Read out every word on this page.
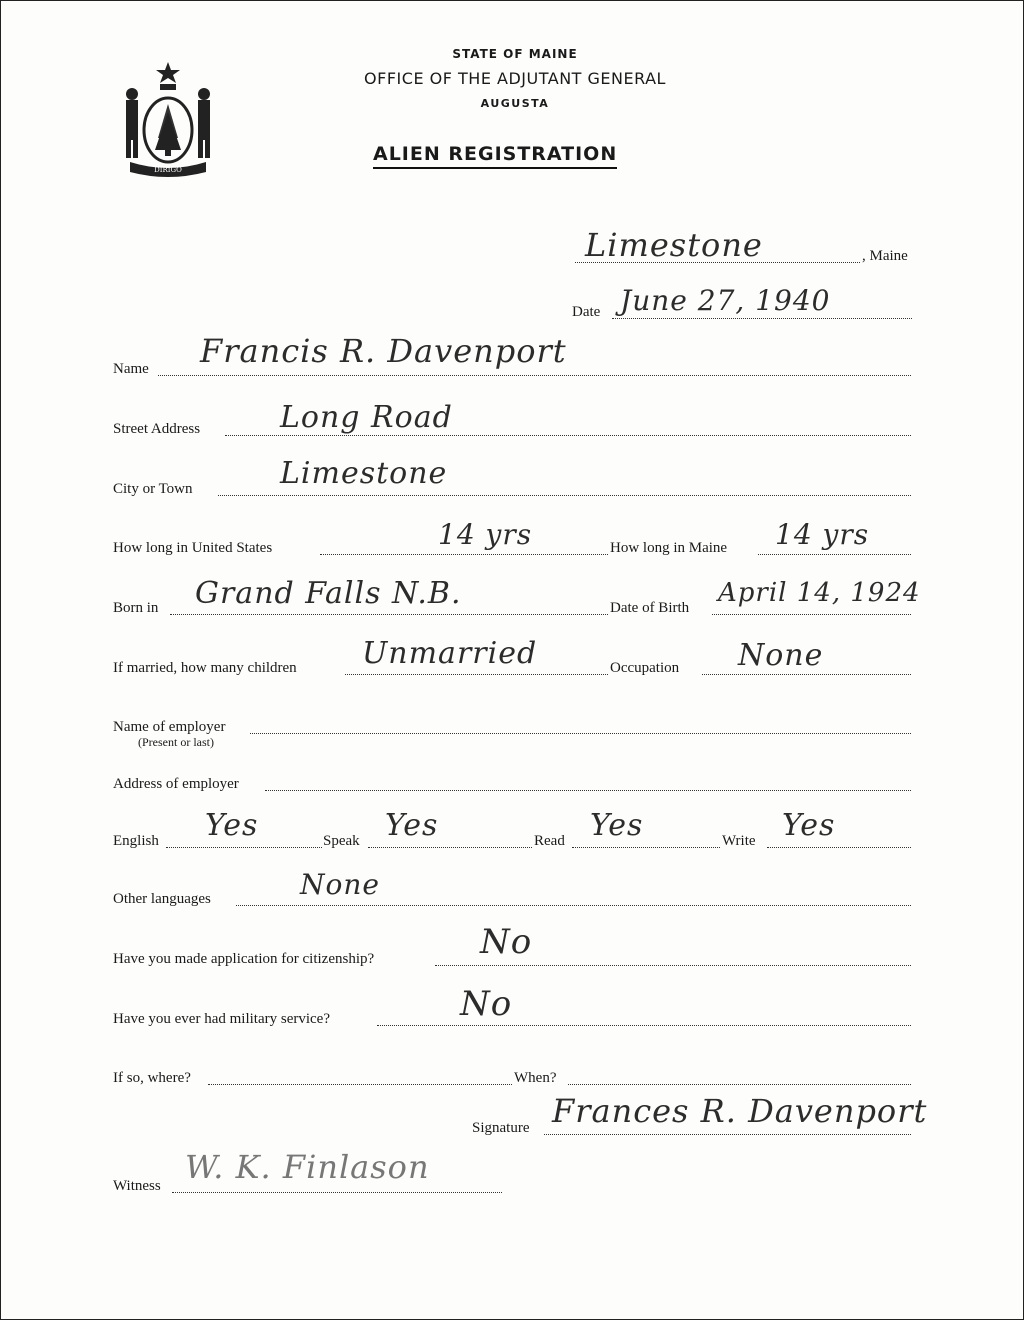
DIRIGO
STATE OF MAINE
OFFICE OF THE ADJUTANT GENERAL
AUGUSTA
ALIEN REGISTRATION
Limestone	, Maine
Date June 27, 1940
Name Francis R. Davenport
Street Address	Long Road
City or Town	Limestone
How long in United States	14 yrs	How long in Maine 14 yrs
Born in Grand Falls N.B.	Date of Birth April 14, 1924
If married, how many children Unmarried	Occupation None
Name of employer
(Present or last)
Address of employer
English Yes	Speak Yes	Read Yes	Write Yes
Other languages	None
Have you made application for citizenship?	No
Have you ever had military service?	No
If so, where?	When?
Signature Frances R. Davenport
Witness W. K. Finlason
